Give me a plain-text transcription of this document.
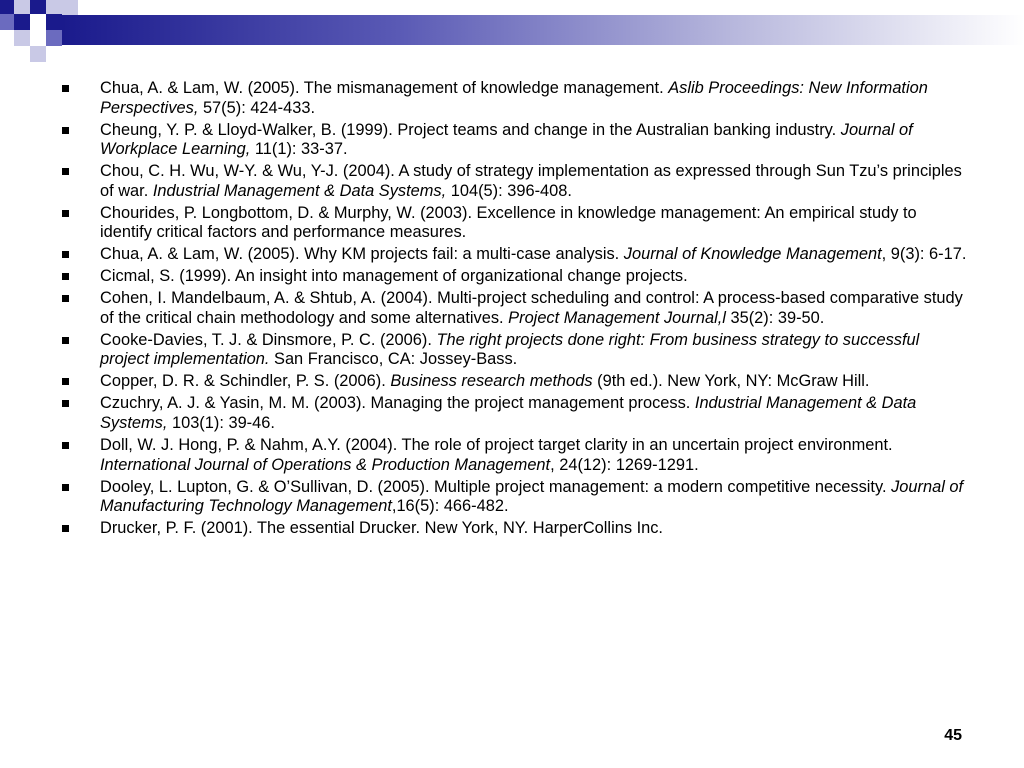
Chua, A. & Lam, W. (2005). The mismanagement of knowledge management. Aslib Proceedings: New Information Perspectives, 57(5): 424-433.
Cheung, Y. P. & Lloyd-Walker, B. (1999). Project teams and change in the Australian banking industry. Journal of Workplace Learning, 11(1): 33-37.
Chou, C. H. Wu, W-Y. & Wu, Y-J. (2004). A study of strategy implementation as expressed through Sun Tzu’s principles of war. Industrial Management & Data Systems, 104(5): 396-408.
Chourides, P. Longbottom, D. & Murphy, W. (2003). Excellence in knowledge management: An empirical study to identify critical factors and performance measures.
Chua, A. & Lam, W. (2005). Why KM projects fail: a multi-case analysis. Journal of Knowledge Management, 9(3): 6-17.
Cicmal, S. (1999). An insight into management of organizational change projects.
Cohen, I. Mandelbaum, A. & Shtub, A. (2004). Multi-project scheduling and control: A process-based comparative study of the critical chain methodology and some alternatives. Project Management Journal,l 35(2): 39-50.
Cooke-Davies, T. J. & Dinsmore, P. C. (2006). The right projects done right: From business strategy to successful project implementation. San Francisco, CA: Jossey-Bass.
Copper, D. R. & Schindler, P. S. (2006). Business research methods (9th ed.). New York, NY: McGraw Hill.
Czuchry, A. J. & Yasin, M. M. (2003). Managing the project management process. Industrial Management & Data Systems, 103(1): 39-46.
Doll, W. J. Hong, P. & Nahm, A.Y. (2004). The role of project target clarity in an uncertain project environment. International Journal of Operations & Production Management, 24(12): 1269-1291.
Dooley, L. Lupton, G. & O’Sullivan, D. (2005). Multiple project management: a modern competitive necessity. Journal of Manufacturing Technology Management,16(5): 466-482.
Drucker, P. F. (2001). The essential Drucker. New York, NY. HarperCollins Inc.
45
